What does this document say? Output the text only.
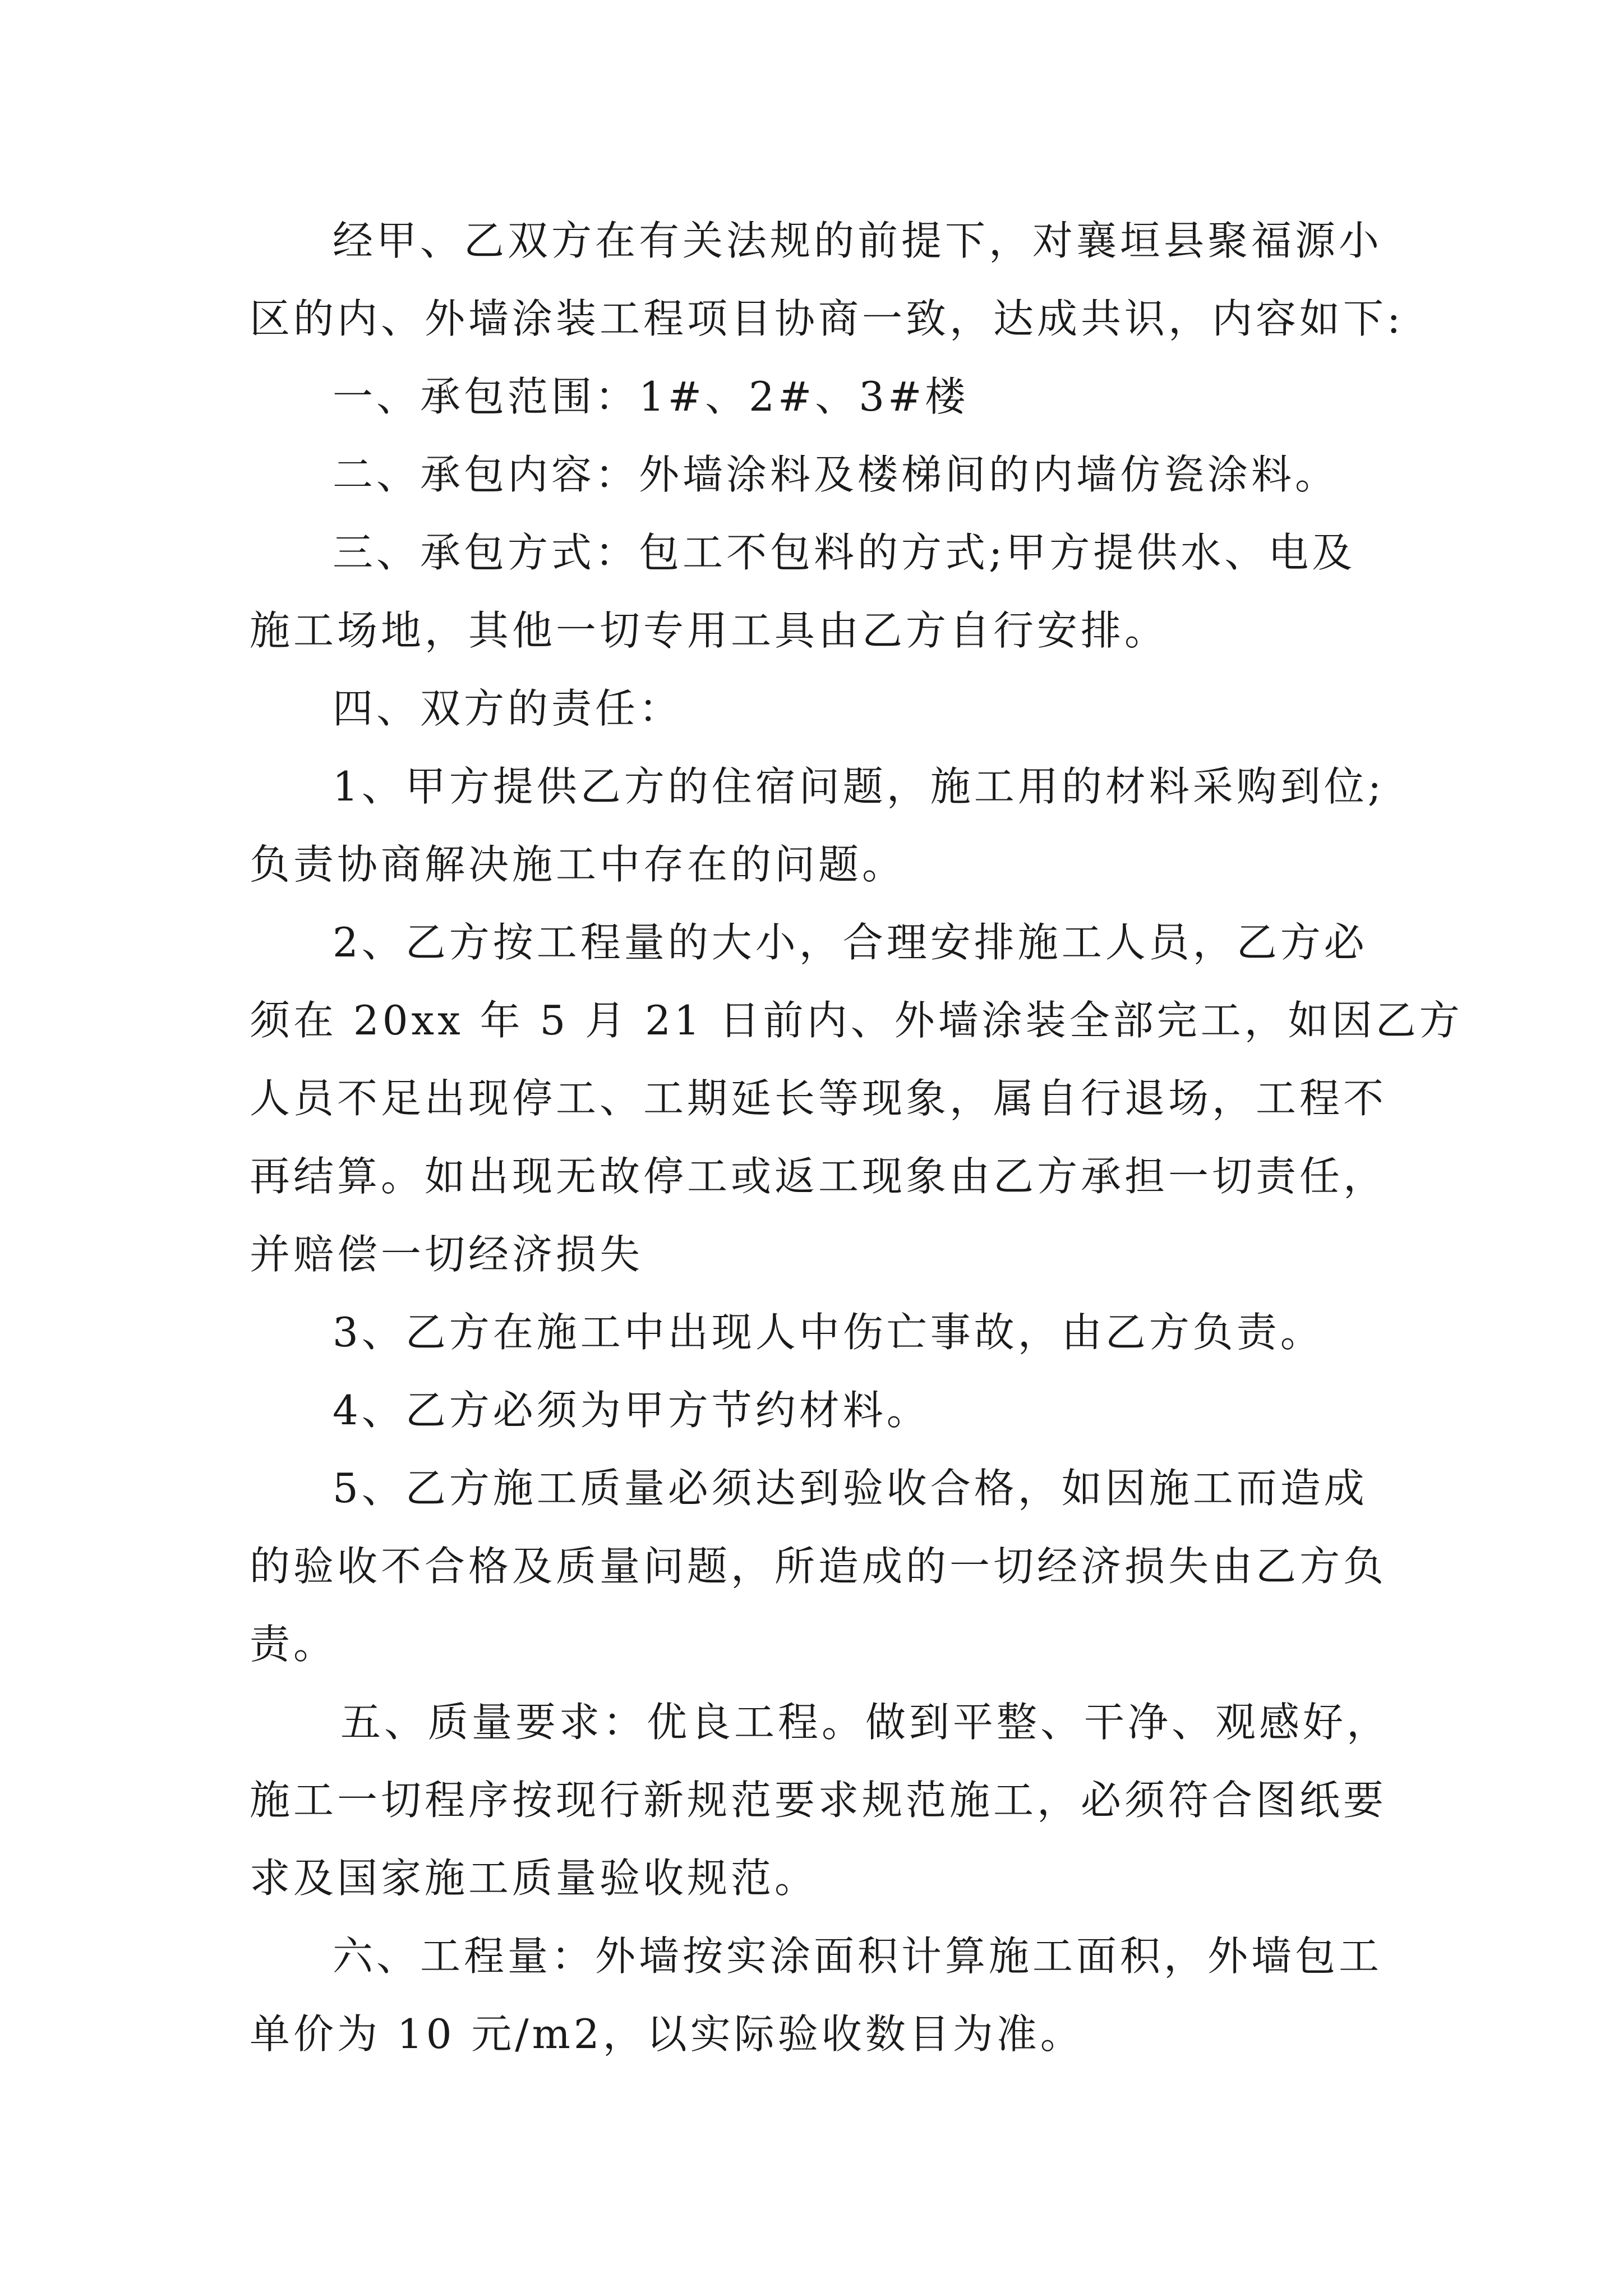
经甲、乙双方在有关法规的前提下，对襄垣县聚福源小
区的内、外墙涂装工程项目协商一致，达成共识，内容如下:
一、承包范围：1#、2#、3#楼
二、承包内容：外墙涂料及楼梯间的内墙仿瓷涂料。
三、承包方式：包工不包料的方式;甲方提供水、电及
施工场地，其他一切专用工具由乙方自行安排。
四、双方的责任：
1、甲方提供乙方的住宿问题，施工用的材料采购到位;
负责协商解决施工中存在的问题。
2、乙方按工程量的大小，合理安排施工人员，乙方必
须在 20xx 年 5 月 21 日前内、外墙涂装全部完工，如因乙方
人员不足出现停工、工期延长等现象，属自行退场，工程不
再结算。如出现无故停工或返工现象由乙方承担一切责任，
并赔偿一切经济损失
3、乙方在施工中出现人中伤亡事故，由乙方负责。
4、乙方必须为甲方节约材料。
5、乙方施工质量必须达到验收合格，如因施工而造成
的验收不合格及质量问题，所造成的一切经济损失由乙方负
责。
五、质量要求：优良工程。做到平整、干净、观感好，
施工一切程序按现行新规范要求规范施工，必须符合图纸要
求及国家施工质量验收规范。
六、工程量：外墙按实涂面积计算施工面积，外墙包工
单价为 10 元/m2，以实际验收数目为准。
